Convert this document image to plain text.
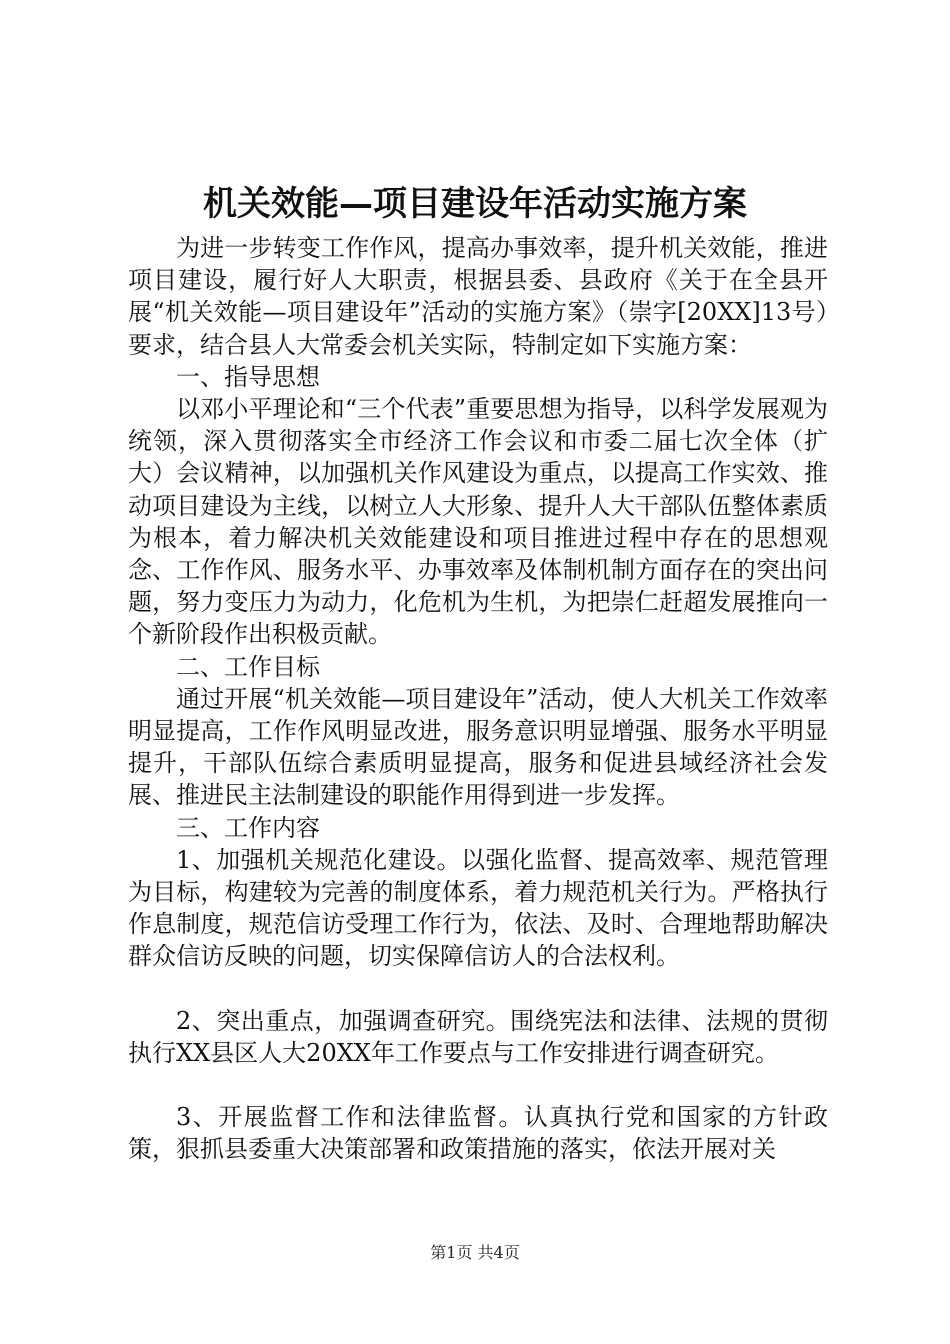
机关效能—项目建设年活动实施方案

为进一步转变工作作风，提高办事效率，提升机关效能，推进项目建设，履行好人大职责，根据县委、县政府《关于在全县开展“机关效能—项目建设年”活动的实施方案》（崇字[20XX]13号）要求，结合县人大常委会机关实际，特制定如下实施方案：

一、指导思想

以邓小平理论和“三个代表”重要思想为指导，以科学发展观为统领，深入贯彻落实全市经济工作会议和市委二届七次全体（扩大）会议精神，以加强机关作风建设为重点，以提高工作实效、推动项目建设为主线，以树立人大形象、提升人大干部队伍整体素质为根本，着力解决机关效能建设和项目推进过程中存在的思想观念、工作作风、服务水平、办事效率及体制机制方面存在的突出问题，努力变压力为动力，化危机为生机，为把崇仁赶超发展推向一个新阶段作出积极贡献。

二、工作目标

通过开展“机关效能—项目建设年”活动，使人大机关工作效率明显提高，工作作风明显改进，服务意识明显增强、服务水平明显提升，干部队伍综合素质明显提高，服务和促进县域经济社会发展、推进民主法制建设的职能作用得到进一步发挥。

三、工作内容

1、加强机关规范化建设。以强化监督、提高效率、规范管理为目标，构建较为完善的制度体系，着力规范机关行为。严格执行作息制度，规范信访受理工作行为，依法、及时、合理地帮助解决群众信访反映的问题，切实保障信访人的合法权利。

2、突出重点，加强调查研究。围绕宪法和法律、法规的贯彻执行XX县区人大20XX年工作要点与工作安排进行调查研究。

3、开展监督工作和法律监督。认真执行党和国家的方针政策，狠抓县委重大决策部署和政策措施的落实，依法开展对关

第1页 共4页
